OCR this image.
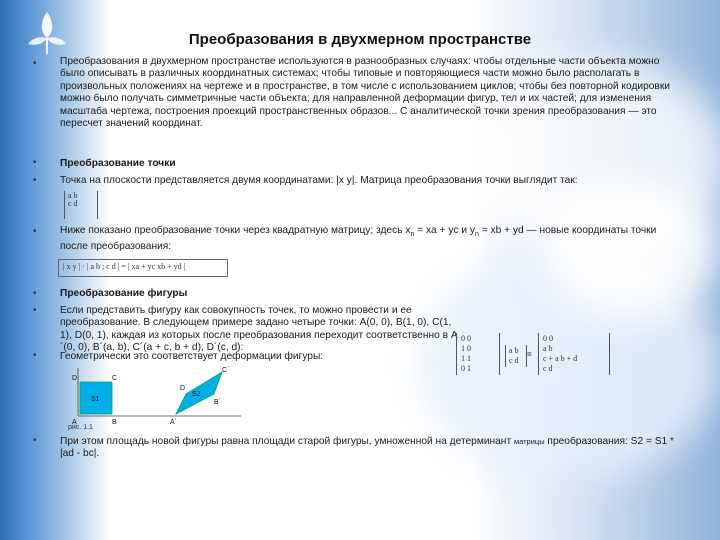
Преобразования в двухмерном пространстве
•
•
•
•
•
•
•
•
Преобразования в двухмерном пространстве используются в разнообразных случаях: чтобы отдельные части объекта можно было описывать в различных координатных системах; чтобы типовые и повторяющиеся части можно было располагать в произвольных положениях на чертеже и в пространстве, в том числе с использованием циклов; чтобы без повторной кодировки можно было получать симметричные части объекта; для направленной деформации фигур, тел и их частей; для изменения масштаба чертежа, построения проекций пространственных образов... С аналитической точки зрения преобразования — это пересчет значений координат.
Преобразование точки
Точка на плоскости представляется двумя координатами: |x y|. Матрица преобразования точки выглядит так:
a b
c d
Ниже показано преобразование точки через квадратную матрицу; здесь $x_n$ = xa + yc и $y_n$ = xb + yd — новые координаты точки после преобразования:
| x y | · | a b ; c d | = | xa + yc xb + yd |
Преобразование фигуры
Если представить фигуру как совокупность точек, то можно провести и ее преобразование. В следующем примере задано четыре точки: A(0, 0), B(1, 0), C(1, 1), D(0, 1), каждая из которых после преобразования переходит соответственно в A´(0, 0), B´(a, b), C´(a + c, b + d), D´(c, d):
Геометрически это соответствует деформации фигуры:
0 0
1 0
1 1
0 1
·	a b
c d
=
0 0
a b
c + a b + d
c d
S1
S2
D	C
A	B
D´
C´
B´
A´
рис. 1.1
При этом площадь новой фигуры равна площади старой фигуры, умноженной на детерминант матрицы преобразования: S2 = S1 * |ad - bc|.
